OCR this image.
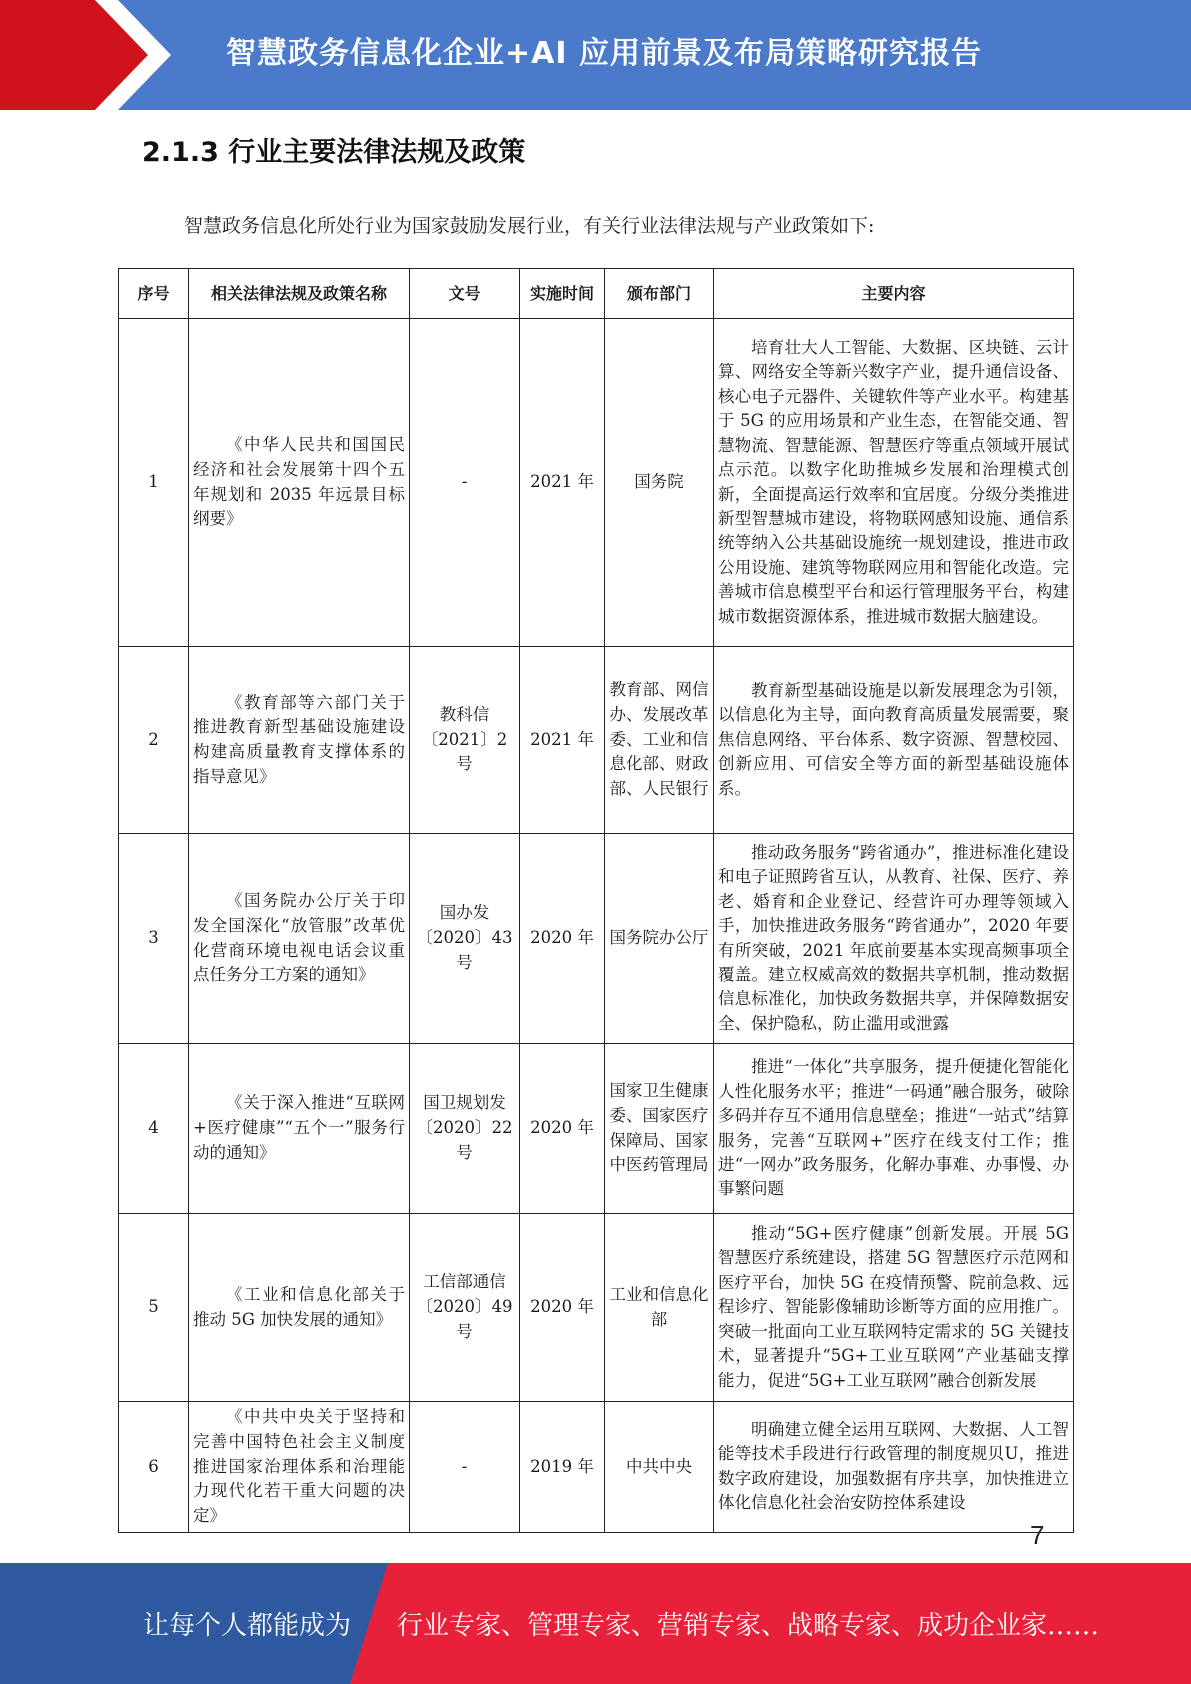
智慧政务信息化企业+AI 应用前景及布局策略研究报告
2.1.3 行业主要法律法规及政策
智慧政务信息化所处行业为国家鼓励发展行业，有关行业法律法规与产业政策如下:
序号	相关法律法规及政策名称	文号	实施时间	颁布部门	主要内容
1	《中华人民共和国国民经济和社会发展第十四个五年规划和 2035 年远景目标纲要》	-	2021 年	国务院	培育壮大人工智能、大数据、区块链、云计算、网络安全等新兴数字产业，提升通信设备、核心电子元器件、关键软件等产业水平。构建基于 5G 的应用场景和产业生态，在智能交通、智慧物流、智慧能源、智慧医疗等重点领域开展试点示范。以数字化助推城乡发展和治理模式创新，全面提高运行效率和宜居度。分级分类推进新型智慧城市建设，将物联网感知设施、通信系统等纳入公共基础设施统一规划建设，推进市政公用设施、建筑等物联网应用和智能化改造。完善城市信息模型平台和运行管理服务平台，构建城市数据资源体系，推进城市数据大脑建设。
2	《教育部等六部门关于推进教育新型基础设施建设构建高质量教育支撑体系的指导意见》	教科信〔2021〕2 号	2021 年	教育部、网信办、发展改革委、工业和信息化部、财政部、人民银行	教育新型基础设施是以新发展理念为引领，以信息化为主导，面向教育高质量发展需要，聚焦信息网络、平台体系、数字资源、智慧校园、创新应用、可信安全等方面的新型基础设施体系。
3	《国务院办公厅关于印发全国深化“放管服”改革优化营商环境电视电话会议重点任务分工方案的通知》	国办发〔2020〕43 号	2020 年	国务院办公厅	推动政务服务“跨省通办”，推进标准化建设和电子证照跨省互认，从教育、社保、医疗、养老、婚育和企业登记、经营许可办理等领域入手，加快推进政务服务“跨省通办”，2020 年要有所突破，2021 年底前要基本实现高频事项全覆盖。建立权威高效的数据共享机制，推动数据信息标准化，加快政务数据共享，并保障数据安全、保护隐私，防止滥用或泄露
4	《关于深入推进“互联网+医疗健康”“五个一”服务行动的通知》	国卫规划发〔2020〕22 号	2020 年	国家卫生健康委、国家医疗保障局、国家中医药管理局	推进“一体化”共享服务，提升便捷化智能化人性化服务水平；推进“一码通”融合服务，破除多码并存互不通用信息壁垒；推进“一站式”结算服务，完善“互联网+”医疗在线支付工作；推进“一网办”政务服务，化解办事难、办事慢、办事繁问题
5	《工业和信息化部关于推动 5G 加快发展的通知》	工信部通信〔2020〕49 号	2020 年	工业和信息化部	推动“5G+医疗健康”创新发展。开展 5G 智慧医疗系统建设，搭建 5G 智慧医疗示范网和医疗平台，加快 5G 在疫情预警、院前急救、远程诊疗、智能影像辅助诊断等方面的应用推广。突破一批面向工业互联网特定需求的 5G 关键技术，显著提升“5G+工业互联网”产业基础支撑能力，促进“5G+工业互联网”融合创新发展
6	《中共中央关于坚持和完善中国特色社会主义制度推进国家治理体系和治理能力现代化若干重大问题的决定》	-	2019 年	中共中央	明确建立健全运用互联网、大数据、人工智能等技术手段进行行政管理的制度规贝U，推进数字政府建设，加强数据有序共享，加快推进立体化信息化社会治安防控体系建设
7
让每个人都能成为 行业专家、管理专家、营销专家、战略专家、成功企业家……
